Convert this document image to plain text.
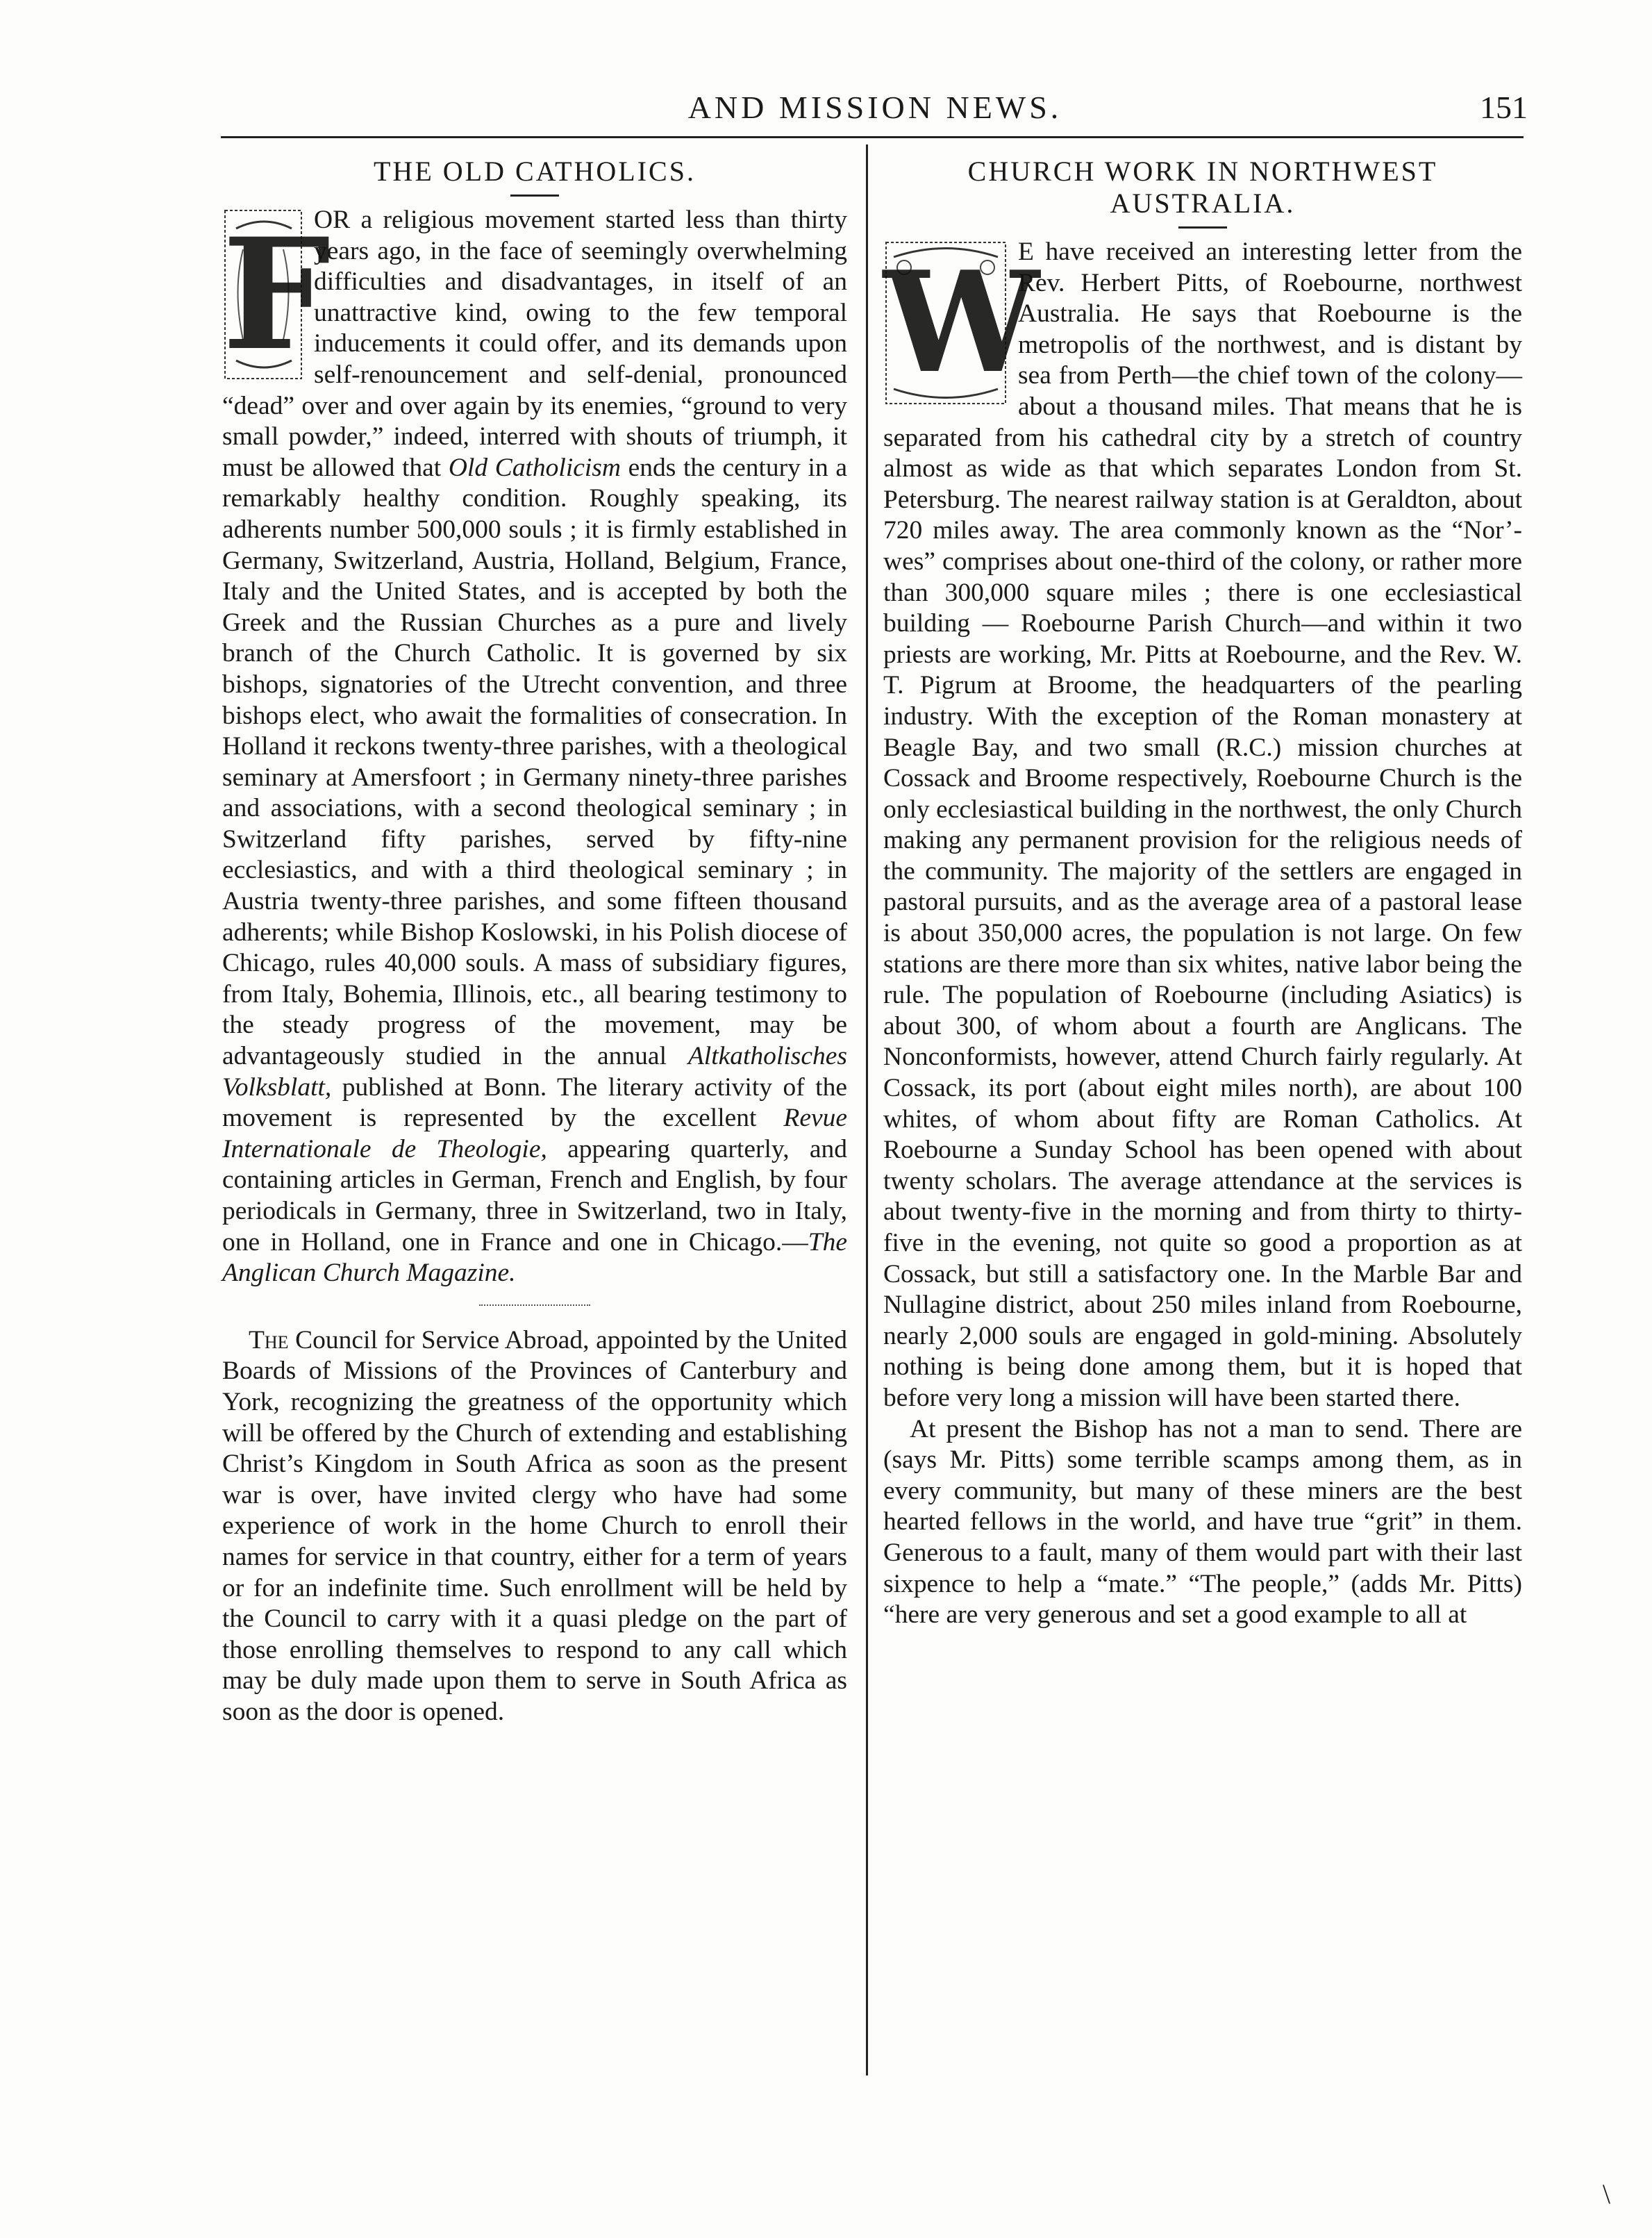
AND MISSION NEWS.	151
THE OLD CATHOLICS.
F

OR a religious movement started less than thirty years ago, in the face of seemingly overwhelming difficulties and disadvantages, in itself of an unattractive kind, owing to the few temporal inducements it could offer, and its demands upon self-renouncement and self-denial, pronounced “dead” over and over again by its enemies, “ground to very small powder,” indeed, interred with shouts of triumph, it must be allowed that Old Catholicism ends the century in a remarkably healthy condition. Roughly speaking, its adherents number 500,000 souls ; it is firmly established in Germany, Switzerland, Austria, Holland, Belgium, France, Italy and the United States, and is accepted by both the Greek and the Russian Churches as a pure and lively branch of the Church Catholic. It is governed by six bishops, signatories of the Utrecht convention, and three bishops elect, who await the formalities of consecration. In Holland it reckons twenty-three parishes, with a theological seminary at Amersfoort ; in Germany ninety-three parishes and associations, with a second theological seminary ; in Switzerland fifty parishes, served by fifty-nine ecclesiastics, and with a third theological seminary ; in Austria twenty-three parishes, and some fifteen thousand adherents; while Bishop Koslowski, in his Polish diocese of Chicago, rules 40,000 souls. A mass of subsidiary figures, from Italy, Bohemia, Illinois, etc., all bearing testimony to the steady progress of the movement, may be advantageously studied in the annual Altkatholisches Volksblatt, published at Bonn. The literary activity of the movement is represented by the excellent Revue Internationale de Theologie, appearing quarterly, and containing articles in German, French and English, by four periodicals in Germany, three in Switzerland, two in Italy, one in Holland, one in France and one in Chicago.—The Anglican Church Magazine.

The Council for Service Abroad, appointed by the United Boards of Missions of the Provinces of Canterbury and York, recognizing the greatness of the opportunity which will be offered by the Church of extending and establishing Christ’s Kingdom in South Africa as soon as the present war is over, have invited clergy who have had some experience of work in the home Church to enroll their names for service in that country, either for a term of years or for an indefinite time. Such enrollment will be held by the Council to carry with it a quasi pledge on the part of those enrolling themselves to respond to any call which may be duly made upon them to serve in South Africa as soon as the door is opened.

CHURCH WORK IN NORTHWEST AUSTRALIA.
W

E have received an interesting letter from the Rev. Herbert Pitts, of Roebourne, northwest Australia. He says that Roebourne is the metropolis of the northwest, and is distant by sea from Perth—the chief town of the colony—about a thousand miles. That means that he is separated from his cathedral city by a stretch of country almost as wide as that which separates London from St. Petersburg. The nearest railway station is at Geraldton, about 720 miles away. The area commonly known as the “Nor’-wes” comprises about one-third of the colony, or rather more than 300,000 square miles ; there is one ecclesiastical building — Roebourne Parish Church—and within it two priests are working, Mr. Pitts at Roebourne, and the Rev. W. T. Pigrum at Broome, the headquarters of the pearling industry. With the exception of the Roman monastery at Beagle Bay, and two small (R.C.) mission churches at Cossack and Broome respectively, Roebourne Church is the only ecclesiastical building in the northwest, the only Church making any permanent provision for the religious needs of the community. The majority of the settlers are engaged in pastoral pursuits, and as the average area of a pastoral lease is about 350,000 acres, the population is not large. On few stations are there more than six whites, native labor being the rule. The population of Roebourne (including Asiatics) is about 300, of whom about a fourth are Anglicans. The Nonconformists, however, attend Church fairly regularly. At Cossack, its port (about eight miles north), are about 100 whites, of whom about fifty are Roman Catholics. At Roebourne a Sunday School has been opened with about twenty scholars. The average attendance at the services is about twenty-five in the morning and from thirty to thirty-five in the evening, not quite so good a proportion as at Cossack, but still a satisfactory one. In the Marble Bar and Nullagine district, about 250 miles inland from Roebourne, nearly 2,000 souls are engaged in gold-mining. Absolutely nothing is being done among them, but it is hoped that before very long a mission will have been started there.

At present the Bishop has not a man to send. There are (says Mr. Pitts) some terrible scamps among them, as in every community, but many of these miners are the best hearted fellows in the world, and have true “grit” in them. Generous to a fault, many of them would part with their last sixpence to help a “mate.” “The people,” (adds Mr. Pitts) “here are very generous and set a good example to all at

\
